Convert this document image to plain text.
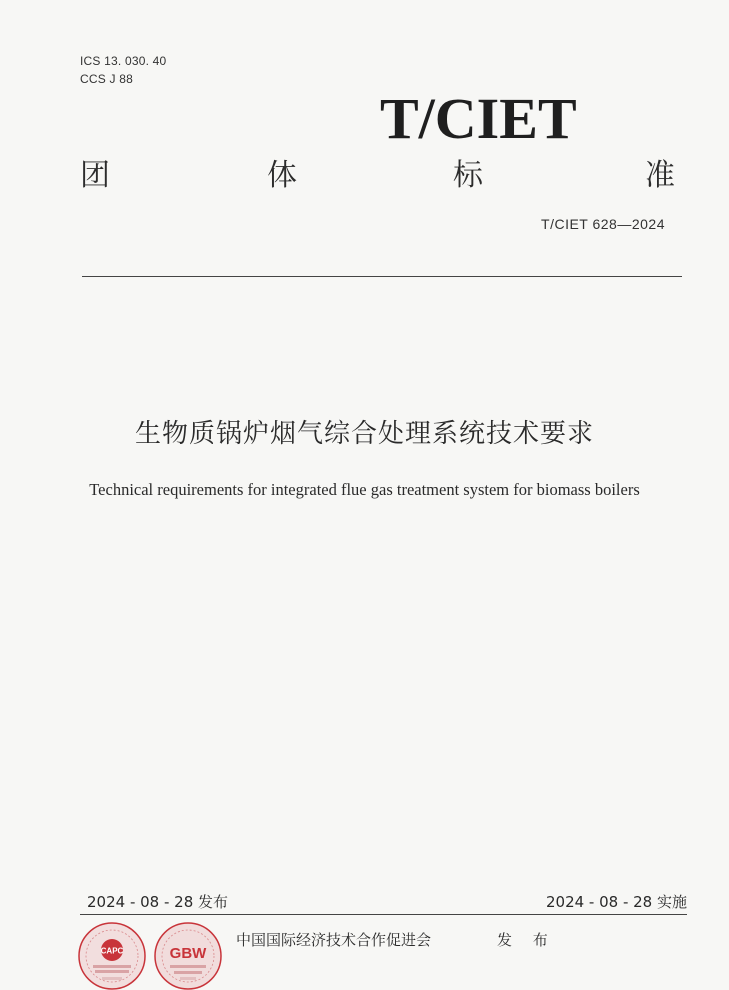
ICS 13. 030. 40
CCS J 88
T/CIET
团	体	标	准
T/CIET 628—2024
生物质锅炉烟气综合处理系统技术要求
Technical requirements for integrated flue gas treatment system for biomass boilers
2024 - 08 - 28 发布	2024 - 08 - 28 实施
CAPC	GBW
中国国际经济技术合作促进会	发 布
